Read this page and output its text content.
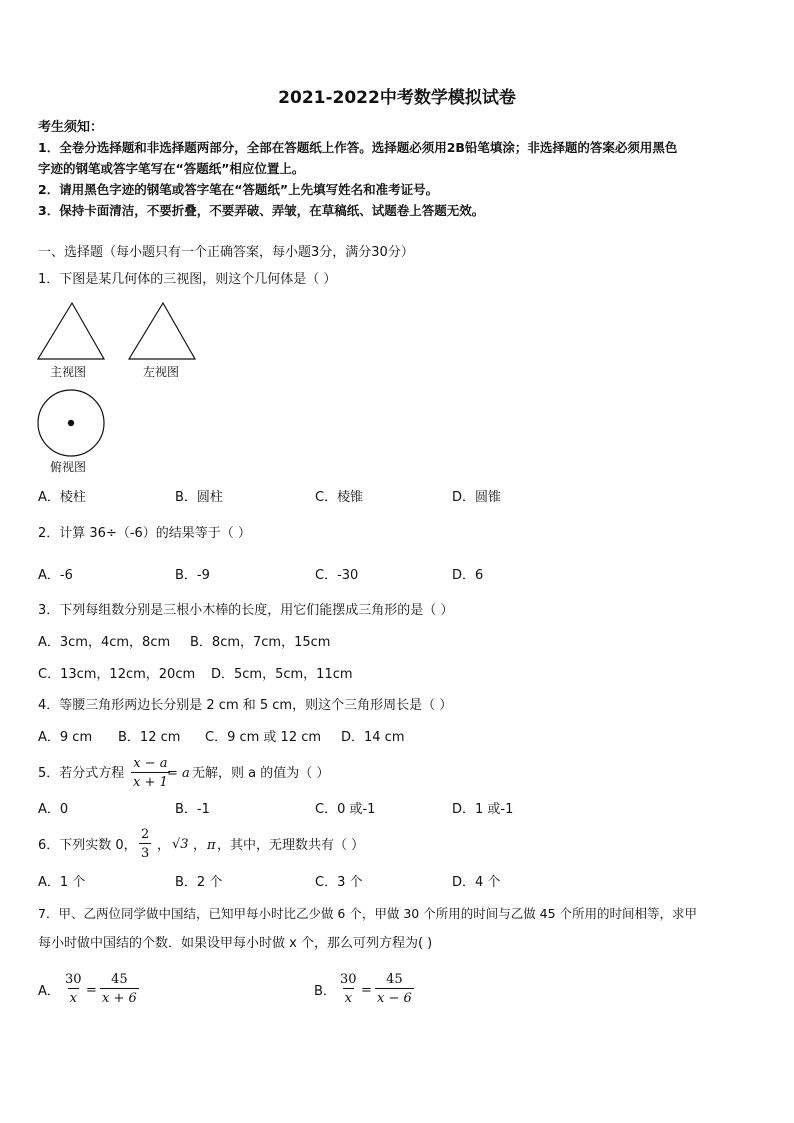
2021-2022中考数学模拟试卷
考生须知：
1．全卷分选择题和非选择题两部分，全部在答题纸上作答。选择题必须用2B铅笔填涂；非选择题的答案必须用黑色
字迹的钢笔或答字笔写在“答题纸”相应位置上。
2．请用黑色字迹的钢笔或答字笔在“答题纸”上先填写姓名和准考证号。
3．保持卡面清洁，不要折叠，不要弄破、弄皱，在草稿纸、试题卷上答题无效。
一、选择题（每小题只有一个正确答案，每小题3分，满分30分）
1．下图是某几何体的三视图，则这个几何体是（ ）
主视图	左视图
俯视图
A．棱柱	B．圆柱	C．棱锥	D．圆锥
2．计算 36÷（-6）的结果等于（ ）
A．-6	B．-9	C．-30	D．6
3．下列每组数分别是三根小木棒的长度，用它们能摆成三角形的是（ ）
A．3cm，4cm，8cm B．8cm，7cm，15cm
C．13cm，12cm，20cm D．5cm，5cm，11cm
4．等腰三角形两边长分别是 2 cm 和 5 cm，则这个三角形周长是（ ）
A．9 cm B．12 cm C．9 cm 或 12 cm D．14 cm
5．若分式方程 $\frac{x - a}{x + 1}$
= a 无解，则 a 的值为（ ）
A．0	B．-1	C．0 或-1	D．1 或-1
6．下列实数 0， $\frac{2}{3}$ ， √3 ， π ，其中，无理数共有（ ）
A．1 个	B．2 个	C．3 个	D．4 个
7．甲、乙两位同学做中国结，已知甲每小时比乙少做 6 个，甲做 30 个所用的时间与乙做 45 个所用的时间相等，求甲
每小时做中国结的个数．如果设甲每小时做 x 个，那么可列方程为( )
A． $\frac{30}{x} = \frac{45}{x + 6}$	B． $\frac{30}{x} = \frac{45}{x - 6}$
